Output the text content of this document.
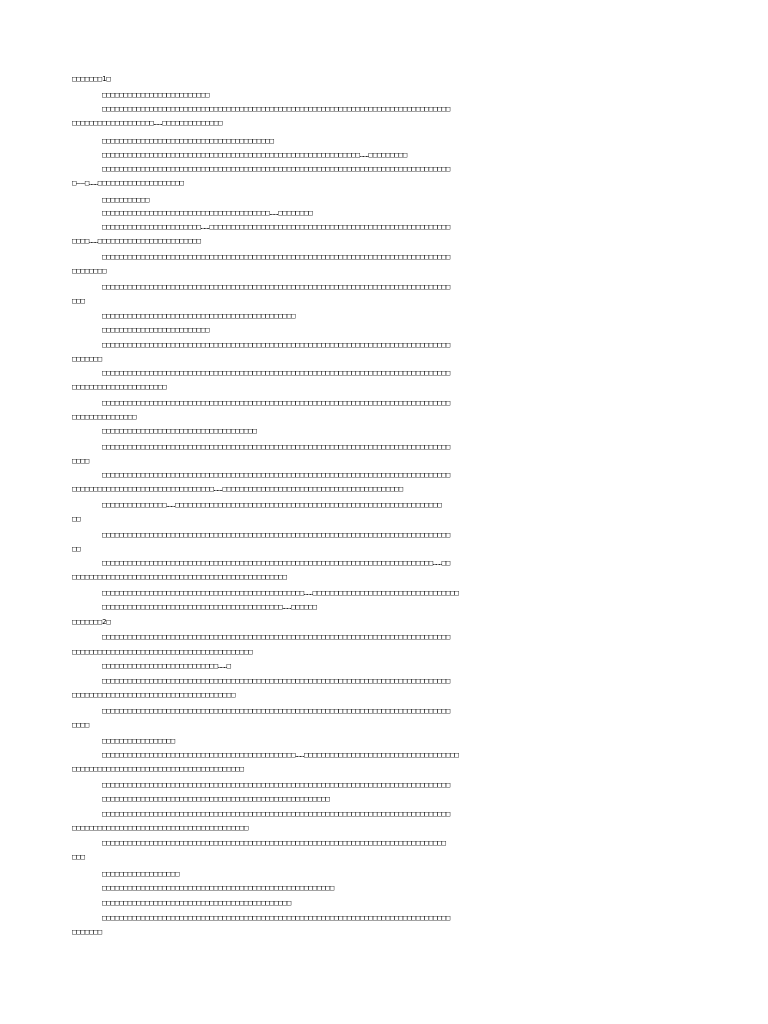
□□□□□□□1□
□□□□□□□□□□□□□□□□□□□□□□□□□
□□□□□□□□□□□□□□□□□□□□□□□□□□□□□□□□□□□□□□□□□□□□□□□□□□□□□□□□□□□□□□□□□□□□□□□□□□□□□□□□□
□□□□□□□□□□□□□□□□□□□……□□□□□□□□□□□□□□
□□□□□□□□□□□□□□□□□□□□□□□□□□□□□□□□□□□□□□□□
□□□□□□□□□□□□□□□□□□□□□□□□□□□□□□□□□□□□□□□□□□□□□□□□□□□□□□□□□□□□……□□□□□□□□□
□□□□□□□□□□□□□□□□□□□□□□□□□□□□□□□□□□□□□□□□□□□□□□□□□□□□□□□□□□□□□□□□□□□□□□□□□□□□□□□□□
□——□……□□□□□□□□□□□□□□□□□□□□
□□□□□□□□□□□
□□□□□□□□□□□□□□□□□□□□□□□□□□□□□□□□□□□□□□□……□□□□□□□□
□□□□□□□□□□□□□□□□□□□□□□□……□□□□□□□□□□□□□□□□□□□□□□□□□□□□□□□□□□□□□□□□□□□□□□□□□□□□□□□□
□□□□……□□□□□□□□□□□□□□□□□□□□□□□□
□□□□□□□□□□□□□□□□□□□□□□□□□□□□□□□□□□□□□□□□□□□□□□□□□□□□□□□□□□□□□□□□□□□□□□□□□□□□□□□□□
□□□□□□□□
□□□□□□□□□□□□□□□□□□□□□□□□□□□□□□□□□□□□□□□□□□□□□□□□□□□□□□□□□□□□□□□□□□□□□□□□□□□□□□□□□
□□□
□□□□□□□□□□□□□□□□□□□□□□□□□□□□□□□□□□□□□□□□□□□□□
□□□□□□□□□□□□□□□□□□□□□□□□□
□□□□□□□□□□□□□□□□□□□□□□□□□□□□□□□□□□□□□□□□□□□□□□□□□□□□□□□□□□□□□□□□□□□□□□□□□□□□□□□□□
□□□□□□□
□□□□□□□□□□□□□□□□□□□□□□□□□□□□□□□□□□□□□□□□□□□□□□□□□□□□□□□□□□□□□□□□□□□□□□□□□□□□□□□□□
□□□□□□□□□□□□□□□□□□□□□□
□□□□□□□□□□□□□□□□□□□□□□□□□□□□□□□□□□□□□□□□□□□□□□□□□□□□□□□□□□□□□□□□□□□□□□□□□□□□□□□□□
□□□□□□□□□□□□□□□
□□□□□□□□□□□□□□□□□□□□□□□□□□□□□□□□□□□□
□□□□□□□□□□□□□□□□□□□□□□□□□□□□□□□□□□□□□□□□□□□□□□□□□□□□□□□□□□□□□□□□□□□□□□□□□□□□□□□□□
□□□□
□□□□□□□□□□□□□□□□□□□□□□□□□□□□□□□□□□□□□□□□□□□□□□□□□□□□□□□□□□□□□□□□□□□□□□□□□□□□□□□□□
□□□□□□□□□□□□□□□□□□□□□□□□□□□□□□□□□……□□□□□□□□□□□□□□□□□□□□□□□□□□□□□□□□□□□□□□□□□□
□□□□□□□□□□□□□□□……□□□□□□□□□□□□□□□□□□□□□□□□□□□□□□□□□□□□□□□□□□□□□□□□□□□□□□□□□□□□□□
□□
□□□□□□□□□□□□□□□□□□□□□□□□□□□□□□□□□□□□□□□□□□□□□□□□□□□□□□□□□□□□□□□□□□□□□□□□□□□□□□□□□
□□
□□□□□□□□□□□□□□□□□□□□□□□□□□□□□□□□□□□□□□□□□□□□□□□□□□□□□□□□□□□□□□□□□□□□□□□□□□□□□……□□
□□□□□□□□□□□□□□□□□□□□□□□□□□□□□□□□□□□□□□□□□□□□□□□□□□
□□□□□□□□□□□□□□□□□□□□□□□□□□□□□□□□□□□□□□□□□□□□□□□……□□□□□□□□□□□□□□□□□□□□□□□□□□□□□□□□□□
□□□□□□□□□□□□□□□□□□□□□□□□□□□□□□□□□□□□□□□□□□……□□□□□□
□□□□□□□2□
□□□□□□□□□□□□□□□□□□□□□□□□□□□□□□□□□□□□□□□□□□□□□□□□□□□□□□□□□□□□□□□□□□□□□□□□□□□□□□□□□
□□□□□□□□□□□□□□□□□□□□□□□□□□□□□□□□□□□□□□□□□□
□□□□□□□□□□□□□□□□□□□□□□□□□□□……□
□□□□□□□□□□□□□□□□□□□□□□□□□□□□□□□□□□□□□□□□□□□□□□□□□□□□□□□□□□□□□□□□□□□□□□□□□□□□□□□□□
□□□□□□□□□□□□□□□□□□□□□□□□□□□□□□□□□□□□□□
□□□□□□□□□□□□□□□□□□□□□□□□□□□□□□□□□□□□□□□□□□□□□□□□□□□□□□□□□□□□□□□□□□□□□□□□□□□□□□□□□
□□□□
□□□□□□□□□□□□□□□□□
□□□□□□□□□□□□□□□□□□□□□□□□□□□□□□□□□□□□□□□□□□□□□……□□□□□□□□□□□□□□□□□□□□□□□□□□□□□□□□□□□□
□□□□□□□□□□□□□□□□□□□□□□□□□□□□□□□□□□□□□□□□
□□□□□□□□□□□□□□□□□□□□□□□□□□□□□□□□□□□□□□□□□□□□□□□□□□□□□□□□□□□□□□□□□□□□□□□□□□□□□□□□□
□□□□□□□□□□□□□□□□□□□□□□□□□□□□□□□□□□□□□□□□□□□□□□□□□□□□□
□□□□□□□□□□□□□□□□□□□□□□□□□□□□□□□□□□□□□□□□□□□□□□□□□□□□□□□□□□□□□□□□□□□□□□□□□□□□□□□□□
□□□□□□□□□□□□□□□□□□□□□□□□□□□□□□□□□□□□□□□□□
□□□□□□□□□□□□□□□□□□□□□□□□□□□□□□□□□□□□□□□□□□□□□□□□□□□□□□□□□□□□□□□□□□□□□□□□□□□□□□□□
□□□
□□□□□□□□□□□□□□□□□□
□□□□□□□□□□□□□□□□□□□□□□□□□□□□□□□□□□□□□□□□□□□□□□□□□□□□□□
□□□□□□□□□□□□□□□□□□□□□□□□□□□□□□□□□□□□□□□□□□□□
□□□□□□□□□□□□□□□□□□□□□□□□□□□□□□□□□□□□□□□□□□□□□□□□□□□□□□□□□□□□□□□□□□□□□□□□□□□□□□□□□
□□□□□□□
